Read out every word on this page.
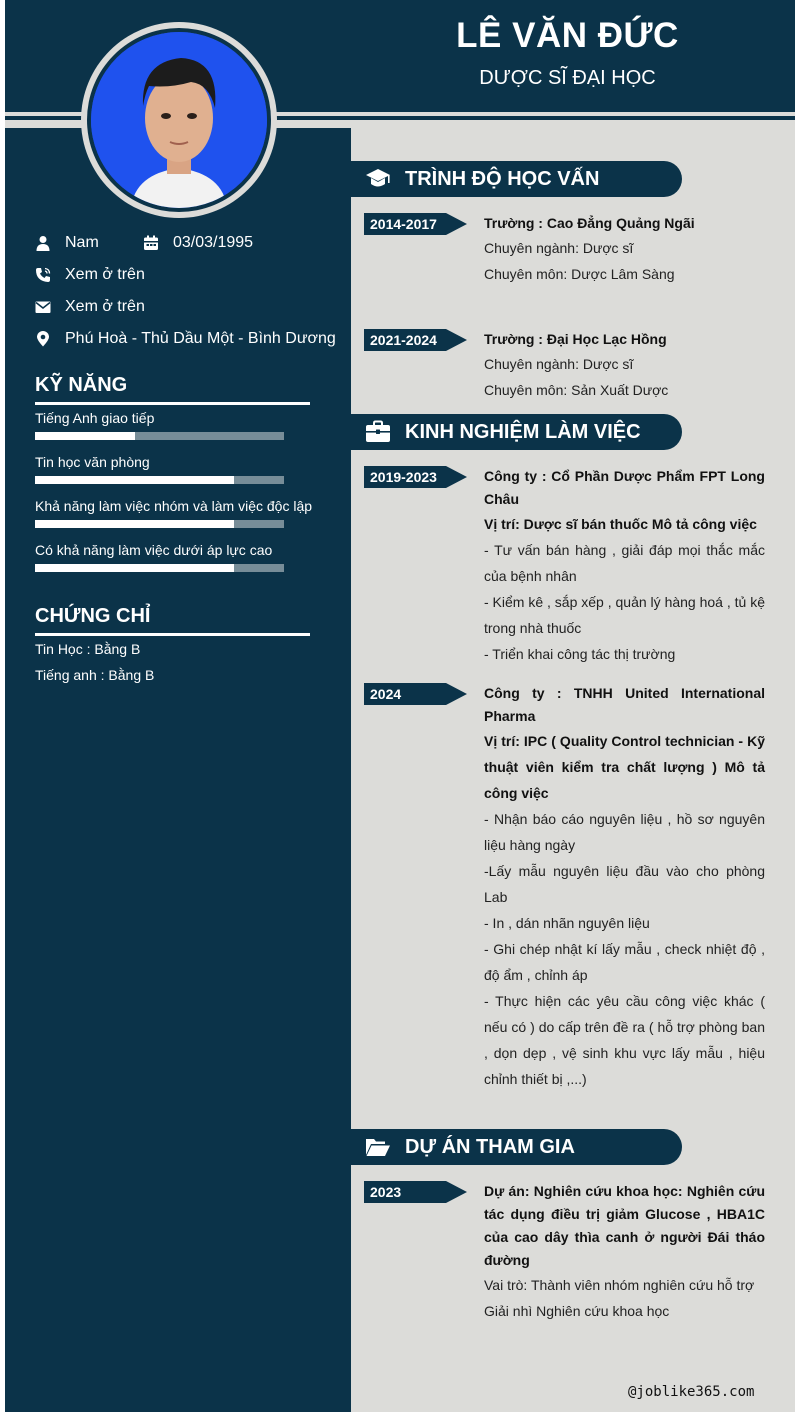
LÊ VĂN ĐỨC
DƯỢC SĨ ĐẠI HỌC
Nam	03/03/1995
Xem ở trên
Xem ở trên
Phú Hoà - Thủ Dầu Một - Bình Dương
KỸ NĂNG
Tiếng Anh giao tiếp
Tin học văn phòng
Khả năng làm việc nhóm và làm việc độc lập
Có khả năng làm việc dưới áp lực cao
CHỨNG CHỈ
Tin Học : Bằng B
Tiếng anh : Bằng B
TRÌNH ĐỘ HỌC VẤN
2014-2017	Trường : Cao Đẳng Quảng Ngãi
Chuyên ngành: Dược sĩ
Chuyên môn: Dược Lâm Sàng
2021-2024	Trường : Đại Học Lạc Hồng
Chuyên ngành: Dược sĩ
Chuyên môn: Sản Xuất Dược
KINH NGHIỆM LÀM VIỆC
2019-2023	Công ty : Cổ Phần Dược Phẩm FPT Long Châu
Vị trí: Dược sĩ bán thuốc Mô tả công việc
- Tư vấn bán hàng , giải đáp mọi thắc mắc của bệnh nhân
- Kiểm kê , sắp xếp , quản lý hàng hoá , tủ kệ trong nhà thuốc
- Triển khai công tác thị trường
2024	Công ty : TNHH United International Pharma
Vị trí: IPC ( Quality Control technician - Kỹ thuật viên kiểm tra chất lượng ) Mô tả công việc
- Nhận báo cáo nguyên liệu , hồ sơ nguyên liệu hàng ngày
-Lấy mẫu nguyên liệu đầu vào cho phòng Lab
- In , dán nhãn nguyên liệu
- Ghi chép nhật kí lấy mẫu , check nhiệt độ , độ ẩm , chỉnh áp
- Thực hiện các yêu cầu công việc khác ( nếu có ) do cấp trên đề ra ( hỗ trợ phòng ban , dọn dẹp , vệ sinh khu vực lấy mẫu , hiệu chỉnh thiết bị ,...)
DỰ ÁN THAM GIA
2023	Dự án: Nghiên cứu khoa học: Nghiên cứu tác dụng điều trị giảm Glucose , HBA1C của cao dây thìa canh ở người Đái tháo đường
Vai trò: Thành viên nhóm nghiên cứu hỗ trợ
Giải nhì Nghiên cứu khoa học
@joblike365.com
